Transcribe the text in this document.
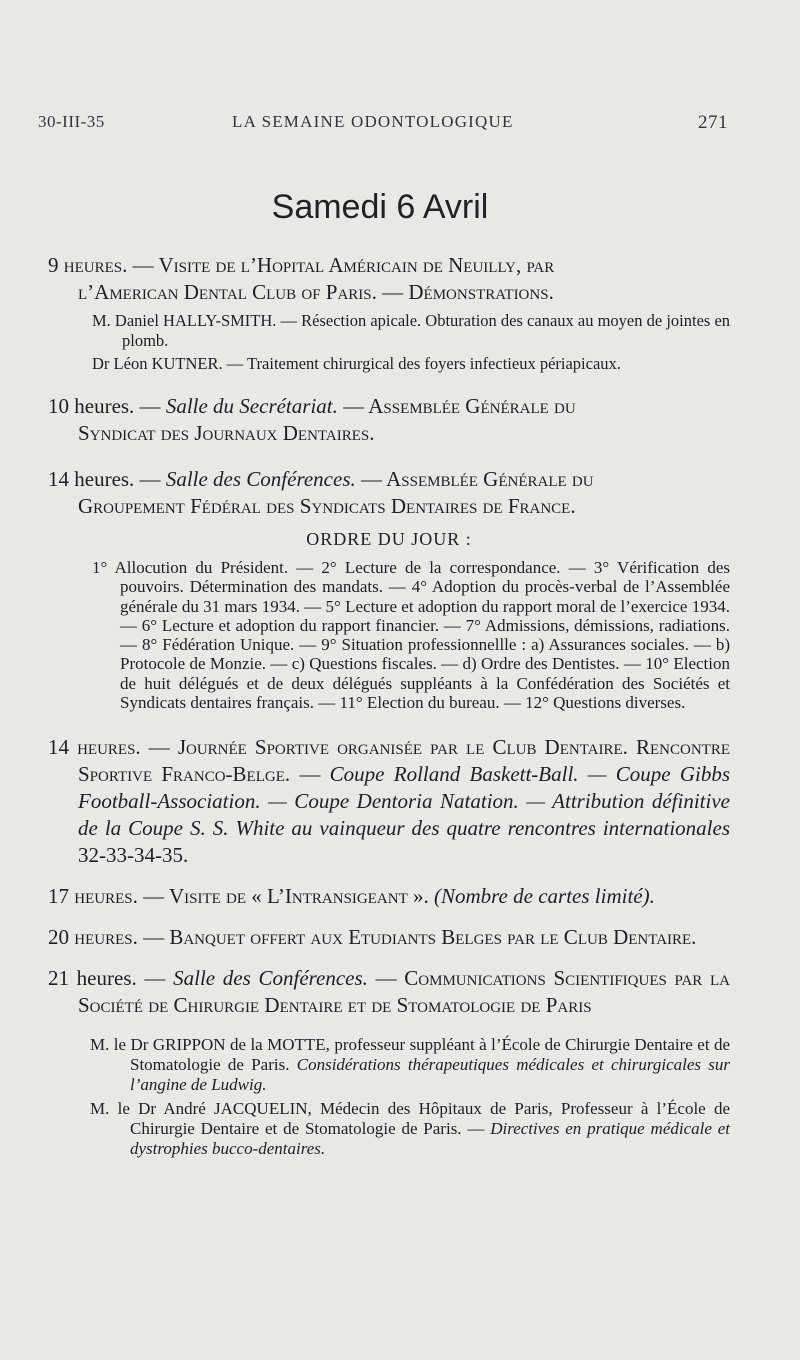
30-III-35	LA SEMAINE ODONTOLOGIQUE	271
Samedi 6 Avril
9 heures. — Visite de l’Hopital Américain de Neuilly, par
l’American Dental Club of Paris. — Démonstrations.
M. Daniel HALLY-SMITH. — Résection apicale. Obturation des canaux au moyen de jointes en plomb.
Dr Léon KUTNER. — Traitement chirurgical des foyers infectieux périapicaux.
10 heures. — Salle du Secrétariat. — Assemblée Générale du
Syndicat des Journaux Dentaires.
14 heures. — Salle des Conférences. — Assemblée Générale du
Groupement Fédéral des Syndicats Dentaires de France.
ORDRE DU JOUR :
1° Allocution du Président. — 2° Lecture de la correspondance. — 3° Vérification des pouvoirs. Détermination des mandats. — 4° Adoption du procès-verbal de l’Assemblée générale du 31 mars 1934. — 5° Lecture et adoption du rapport moral de l’exercice 1934. — 6° Lecture et adoption du rapport financier. — 7° Admissions, démissions, radiations. — 8° Fédération Unique. — 9° Situation professionnellle : a) Assurances sociales. — b) Protocole de Monzie. — c) Questions fiscales. — d) Ordre des Dentistes. — 10° Election de huit délégués et de deux délégués suppléants à la Confédération des Sociétés et Syndicats dentaires français. — 11° Election du bureau. — 12° Questions diverses.
14 heures. — Journée Sportive organisée par le Club Dentaire. Rencontre Sportive Franco-Belge. — Coupe Rolland Baskett-Ball. — Coupe Gibbs Football-Association. — Coupe Dentoria Natation. — Attribution définitive de la Coupe S. S. White au vainqueur des quatre rencontres internationales 32-33-34-35.
17 heures. — Visite de « L’Intransigeant ». (Nombre de cartes limité).
20 heures. — Banquet offert aux Etudiants Belges par le Club Dentaire.
21 heures. — Salle des Conférences. — Communications Scientifiques par la Société de Chirurgie Dentaire et de Stomatologie de Paris
M. le Dr GRIPPON de la MOTTE, professeur suppléant à l’École de Chirurgie Dentaire et de Stomatologie de Paris. Considérations thérapeutiques médicales et chirurgicales sur l’angine de Ludwig.
M. le Dr André JACQUELIN, Médecin des Hôpitaux de Paris, Professeur à l’École de Chirurgie Dentaire et de Stomatologie de Paris. — Directives en pratique médicale et dystrophies bucco-dentaires.
